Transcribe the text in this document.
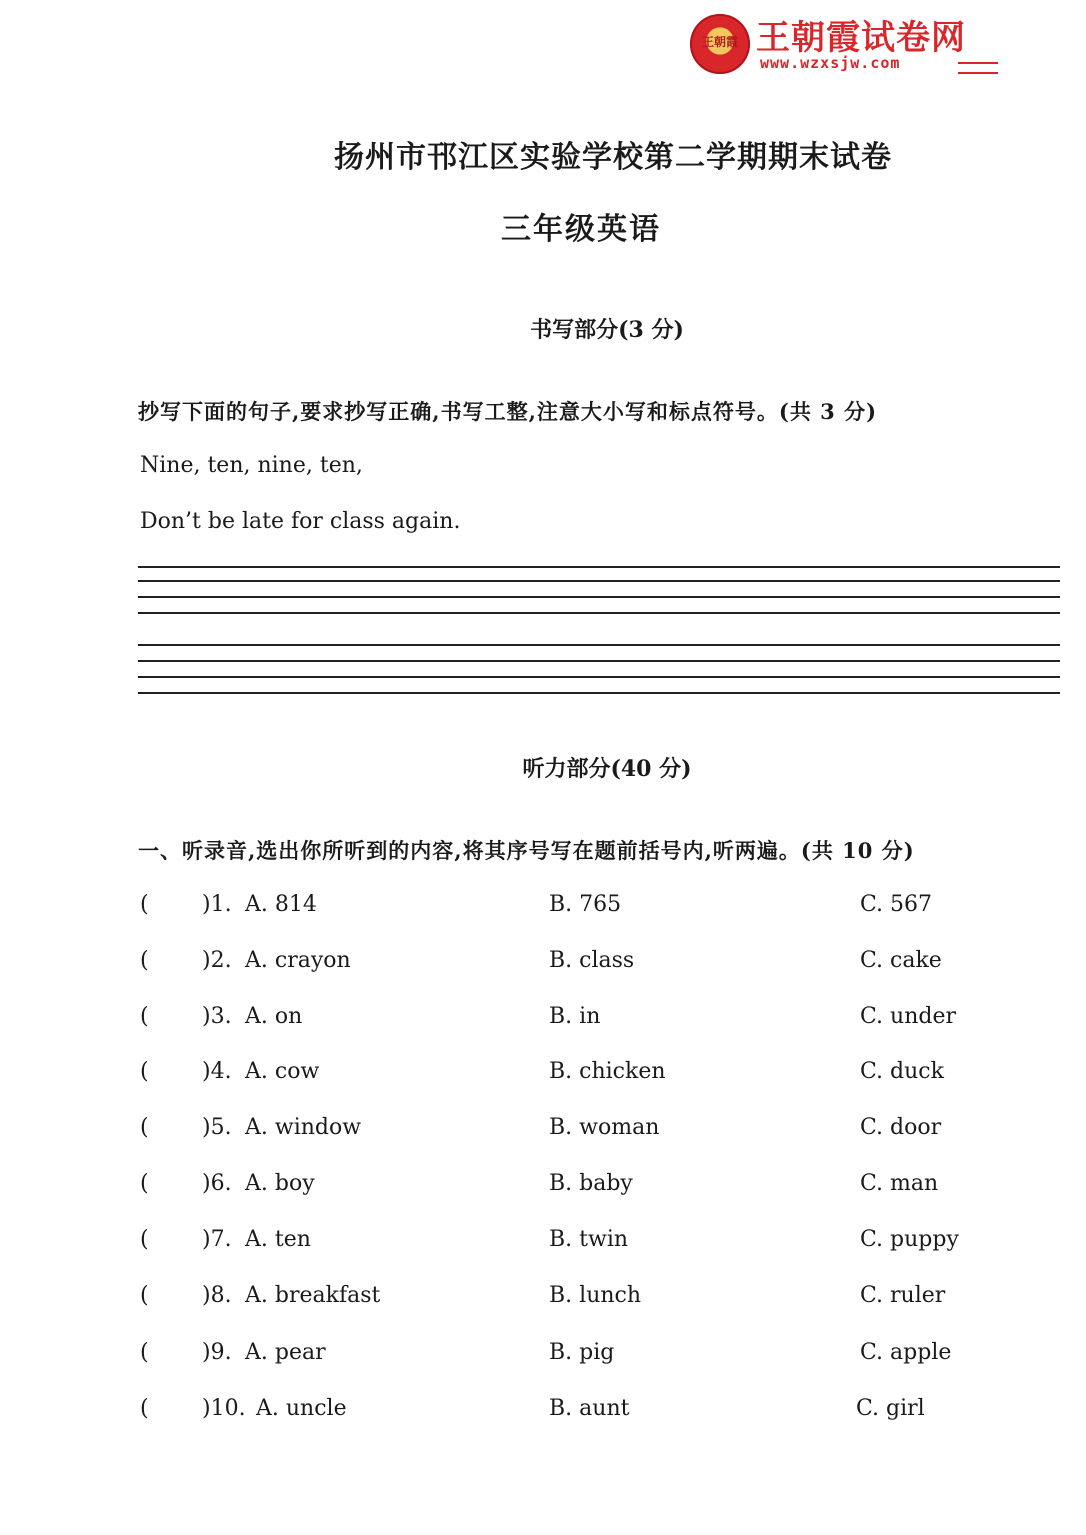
王朝霞 王朝霞试卷网
www.wzxsjw.com
扬州市邗江区实验学校第二学期期末试卷
三年级英语
书写部分(3 分)
抄写下面的句子,要求抄写正确,书写工整,注意大小写和标点符号。(共 3 分)
Nine, ten, nine, ten,
Don’t be late for class again.
听力部分(40 分)
一、听录音,选出你所听到的内容,将其序号写在题前括号内,听两遍。(共 10 分)
( )1. A. 814	B. 765	C. 567
( )2. A. crayon	B. class	C. cake
( )3. A. on	B. in	C. under
( )4. A. cow	B. chicken	C. duck
( )5. A. window	B. woman	C. door
( )6. A. boy	B. baby	C. man
( )7. A. ten	B. twin	C. puppy
( )8. A. breakfast	B. lunch	C. ruler
( )9. A. pear	B. pig	C. apple
( )10. A. uncle	B. aunt	C. girl
